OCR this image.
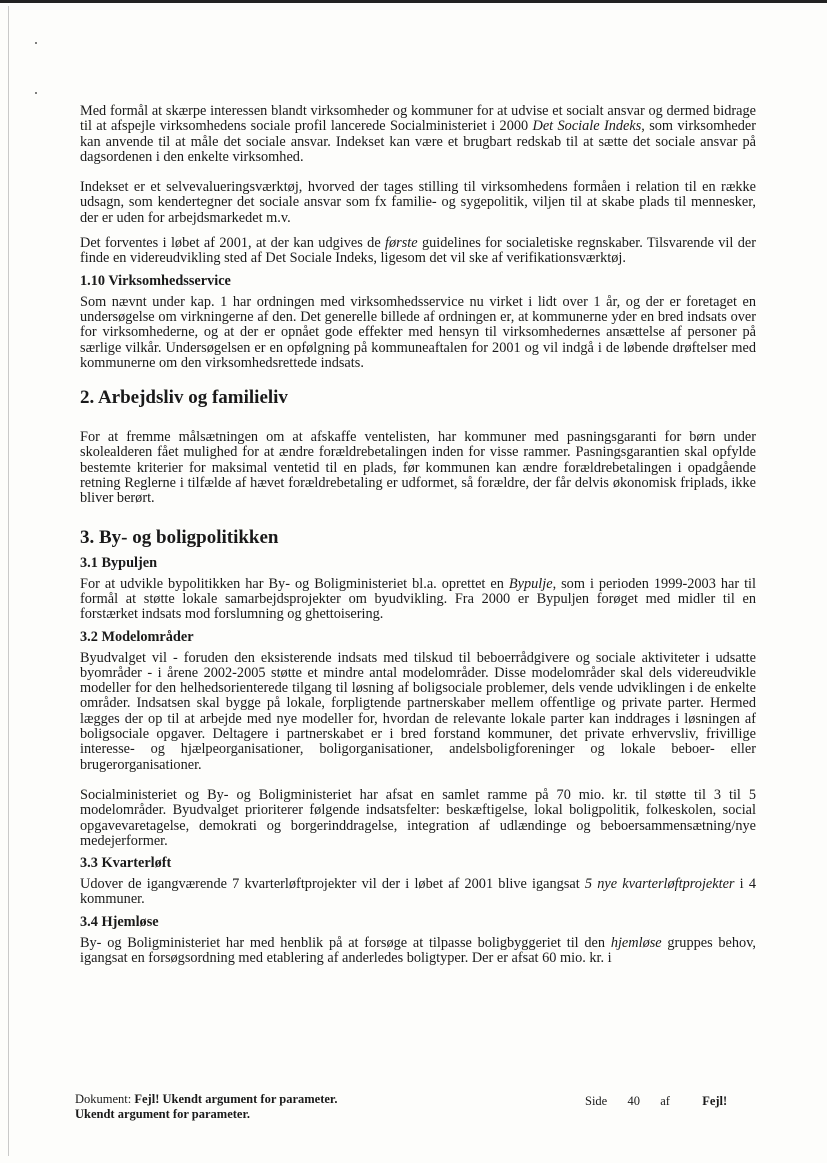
Med formål at skærpe interessen blandt virksomheder og kommuner for at udvise et socialt ansvar og dermed bidrage til at afspejle virksomhedens sociale profil lancerede Socialministeriet i 2000 Det Sociale Indeks, som virksomheder kan anvende til at måle det sociale ansvar. Indekset kan være et brugbart redskab til at sætte det sociale ansvar på dagsordenen i den enkelte virksomhed.

Indekset er et selvevalueringsværktøj, hvorved der tages stilling til virksomhedens formåen i relation til en række udsagn, som kendertegner det sociale ansvar som fx familie- og sygepolitik, viljen til at skabe plads til mennesker, der er uden for arbejdsmarkedet m.v.

Det forventes i løbet af 2001, at der kan udgives de første guidelines for socialetiske regnskaber. Tilsvarende vil der finde en videreudvikling sted af Det Sociale Indeks, ligesom det vil ske af verifikationsværktøj.

1.10 Virksomhedsservice

Som nævnt under kap. 1 har ordningen med virksomhedsservice nu virket i lidt over 1 år, og der er foretaget en undersøgelse om virkningerne af den. Det generelle billede af ordningen er, at kommunerne yder en bred indsats over for virksomhederne, og at der er opnået gode effekter med hensyn til virksomhedernes ansættelse af personer på særlige vilkår. Undersøgelsen er en opfølgning på kommuneaftalen for 2001 og vil indgå i de løbende drøftelser med kommunerne om den virksomhedsrettede indsats.

2. Arbejdsliv og familieliv

For at fremme målsætningen om at afskaffe ventelisten, har kommuner med pasningsgaranti for børn under skolealderen fået mulighed for at ændre forældrebetalingen inden for visse rammer. Pasningsgarantien skal opfylde bestemte kriterier for maksimal ventetid til en plads, før kommunen kan ændre forældrebetalingen i opadgående retning Reglerne i tilfælde af hævet forældrebetaling er udformet, så forældre, der får delvis økonomisk friplads, ikke bliver berørt.

3. By- og boligpolitikken
3.1 Bypuljen

For at udvikle bypolitikken har By- og Boligministeriet bl.a. oprettet en Bypulje, som i perioden 1999-2003 har til formål at støtte lokale samarbejdsprojekter om byudvikling. Fra 2000 er Bypuljen forøget med midler til en forstærket indsats mod forslumning og ghettoisering.

3.2 Modelområder

Byudvalget vil - foruden den eksisterende indsats med tilskud til beboerrådgivere og sociale aktiviteter i udsatte byområder - i årene 2002-2005 støtte et mindre antal modelområder. Disse modelområder skal dels videreudvikle modeller for den helhedsorienterede tilgang til løsning af boligsociale problemer, dels vende udviklingen i de enkelte områder. Indsatsen skal bygge på lokale, forpligtende partnerskaber mellem offentlige og private parter. Hermed lægges der op til at arbejde med nye modeller for, hvordan de relevante lokale parter kan inddrages i løsningen af boligsociale opgaver. Deltagere i partnerskabet er i bred forstand kommuner, det private erhvervsliv, frivillige interesse- og hjælpeorganisationer, boligorganisationer, andelsboligforeninger og lokale beboer- eller brugerorganisationer.

Socialministeriet og By- og Boligministeriet har afsat en samlet ramme på 70 mio. kr. til støtte til 3 til 5 modelområder. Byudvalget prioriterer følgende indsatsfelter: beskæftigelse, lokal boligpolitik, folkeskolen, social opgavevaretagelse, demokrati og borgerinddragelse, integration af udlændinge og beboersammensætning/nye medejerformer.

3.3 Kvarterløft

Udover de igangværende 7 kvarterløftprojekter vil der i løbet af 2001 blive igangsat 5 nye kvarterløftprojekter i 4 kommuner.

3.4 Hjemløse

By- og Boligministeriet har med henblik på at forsøge at tilpasse boligbyggeriet til den hjemløse gruppes behov, igangsat en forsøgsordning med etablering af anderledes boligtyper. Der er afsat 60 mio. kr. i

Dokument: Fejl! Ukendt argument for parameter.
Ukendt argument for parameter.
Side 40 af	Fejl!
